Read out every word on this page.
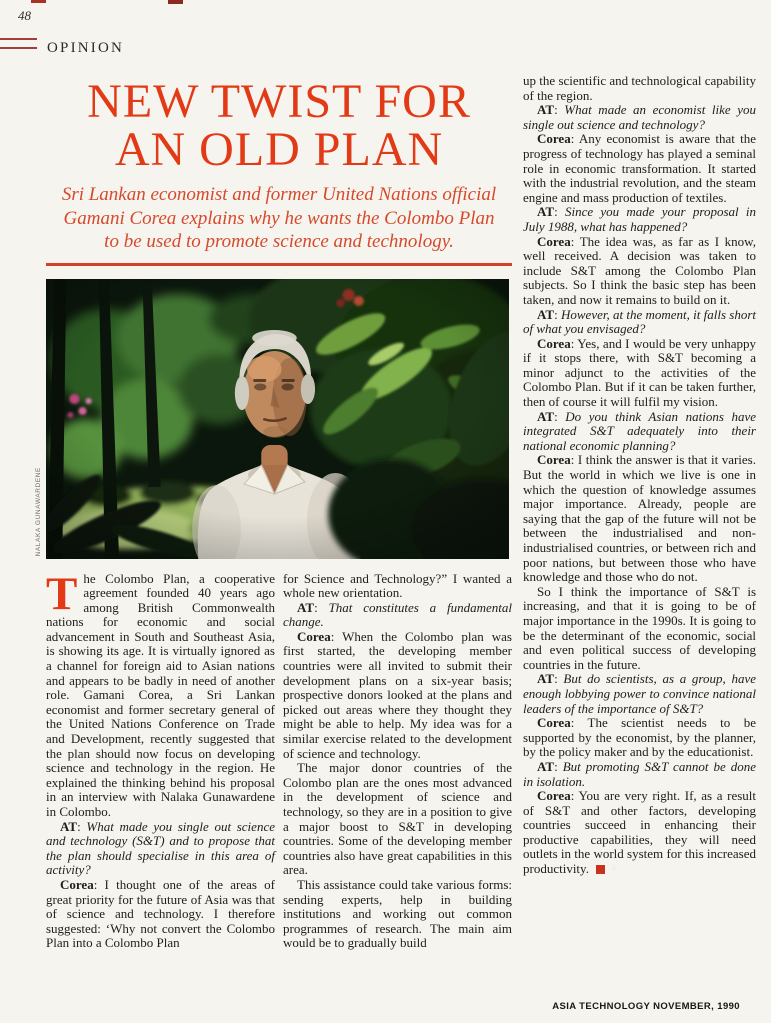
48
OPINION
NEW TWIST FOR
AN OLD PLAN

Sri Lankan economist and former United Nations official Gamani Corea explains why he wants the Colombo Plan to be used to promote science and technology.

NALAKA GUNAWARDENE

The Colombo Plan, a cooperative agreement founded 40 years ago among British Commonwealth nations for economic and social advancement in South and Southeast Asia, is showing its age. It is virtually ignored as a channel for foreign aid to Asian nations and appears to be badly in need of another role. Gamani Corea, a Sri Lankan economist and former secretary general of the United Nations Conference on Trade and Development, recently suggested that the plan should now focus on developing science and technology in the region. He explained the thinking behind his proposal in an interview with Nalaka Gunawardene in Colombo.

AT: What made you single out science and technology (S&T) and to propose that the plan should specialise in this area of activity?

Corea: I thought one of the areas of great priority for the future of Asia was that of science and technology. I therefore suggested: ‘Why not convert the Colombo Plan into a Colombo Plan

for Science and Technology?” I wanted a whole new orientation.

AT: That constitutes a fundamental change.

Corea: When the Colombo plan was first started, the developing member countries were all invited to submit their development plans on a six-year basis; prospective donors looked at the plans and picked out areas where they thought they might be able to help. My idea was for a similar exercise related to the development of science and technology.

The major donor countries of the Colombo plan are the ones most advanced in the development of science and technology, so they are in a position to give a major boost to S&T in developing countries. Some of the developing member countries also have great capabilities in this area.

This assistance could take various forms: sending experts, help in building institutions and working out common programmes of research. The main aim would be to gradually build

up the scientific and technological capability of the region.

AT: What made an economist like you single out science and technology?

Corea: Any economist is aware that the progress of technology has played a seminal role in economic transformation. It started with the industrial revolution, and the steam engine and mass production of textiles.

AT: Since you made your proposal in July 1988, what has happened?

Corea: The idea was, as far as I know, well received. A decision was taken to include S&T among the Colombo Plan subjects. So I think the basic step has been taken, and now it remains to build on it.

AT: However, at the moment, it falls short of what you envisaged?

Corea: Yes, and I would be very unhappy if it stops there, with S&T becoming a minor adjunct to the activities of the Colombo Plan. But if it can be taken further, then of course it will fulfil my vision.

AT: Do you think Asian nations have integrated S&T adequately into their national economic planning?

Corea: I think the answer is that it varies. But the world in which we live is one in which the question of knowledge assumes major importance. Already, people are saying that the gap of the future will not be between the industrialised and non-industrialised countries, or between rich and poor nations, but between those who have knowledge and those who do not.

So I think the importance of S&T is increasing, and that it is going to be of major importance in the 1990s. It is going to be the determinant of the economic, social and even political success of developing countries in the future.

AT: But do scientists, as a group, have enough lobbying power to convince national leaders of the importance of S&T?

Corea: The scientist needs to be supported by the economist, by the planner, by the policy maker and by the educationist.

AT: But promoting S&T cannot be done in isolation.

Corea: You are very right. If, as a result of S&T and other factors, developing countries succeed in enhancing their productive capabilities, they will need outlets in the world system for this increased productivity.✳

ASIA TECHNOLOGY NOVEMBER, 1990
